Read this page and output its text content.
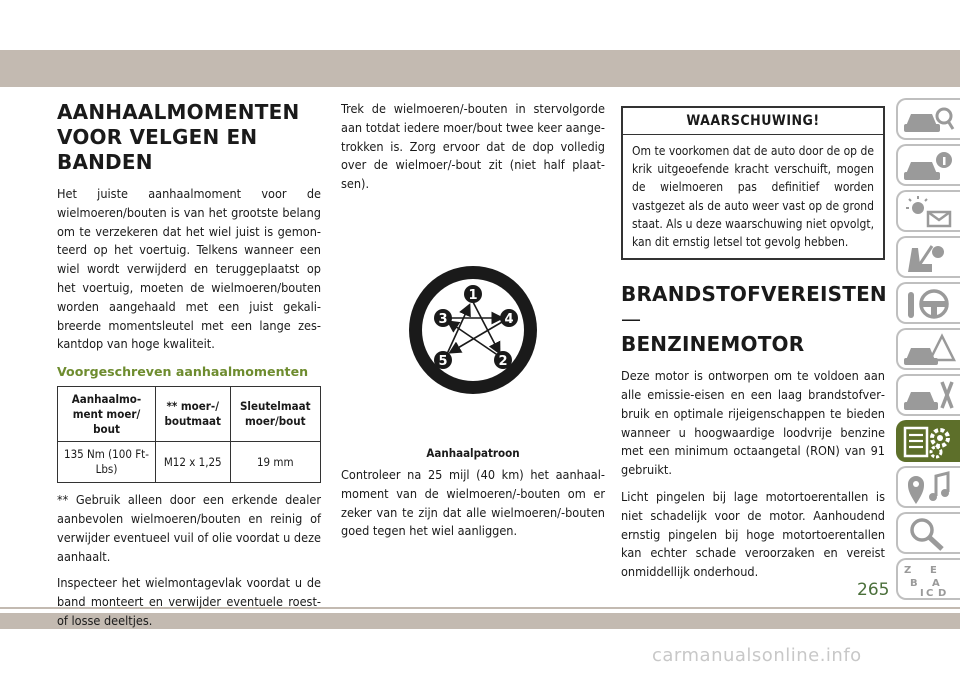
AANHAALMOMENTEN
VOOR VELGEN EN BANDEN

Het juiste aanhaalmoment voor de wielmoeren/bouten is van het grootste belang om te verzekeren dat het wiel juist is gemonteerd op het voertuig. Telkens wanneer een wiel wordt verwijderd en teruggeplaatst op het voertuig, moeten de wielmoeren/bouten worden aangehaald met een juist gekalibreerde momentsleutel met een lange zeskantdop van hoge kwaliteit.

Voorgeschreven aanhaalmomenten
Aanhaalmo- ment moer/ bout	** moer-/ boutmaat	Sleutelmaat moer/bout
135 Nm (100 Ft-Lbs)	M12 x 1,25	19 mm

** Gebruik alleen door een erkende dealer aanbevolen wielmoeren/bouten en reinig of verwijder eventueel vuil of olie voordat u deze aanhaalt.

Inspecteer het wielmontagevlak voordat u de band monteert en verwijder eventuele roest- of losse deeltjes.

Trek de wielmoeren/-bouten in stervolgorde aan totdat iedere moer/bout twee keer aangetrokken is. Zorg ervoor dat de dop volledig over de wielmoer/-bout zit (niet half plaatsen).

1
2
3	4
5
Aanhaalpatroon

Controleer na 25 mijl (40 km) het aanhaalmoment van de wielmoeren/-bouten om er zeker van te zijn dat alle wielmoeren/-bouten goed tegen het wiel aanliggen.

WAARSCHUWING!
Om te voorkomen dat de auto door de op de krik uitgeoefende kracht verschuift, mogen de wielmoeren pas definitief worden vastgezet als de auto weer vast op de grond staat. Als u deze waarschuwing niet opvolgt, kan dit ernstig letsel tot gevolg hebben.
BRANDSTOFVEREISTEN —
BENZINEMOTOR

Deze motor is ontworpen om te voldoen aan alle emissie-eisen en een laag brandstofverbruik en optimale rijeigenschappen te bieden wanneer u hoogwaardige loodvrije benzine met een minimum octaangetal (RON) van 91 gebruikt.

Licht pingelen bij lage motortoerentallen is niet schadelijk voor de motor. Aanhoudend ernstig pingelen bij hoge motortoerentallen kan echter schade veroorzaken en vereist onmiddellijk onderhoud.	Z E
B A
I C D
265
carmanualsonline.info
